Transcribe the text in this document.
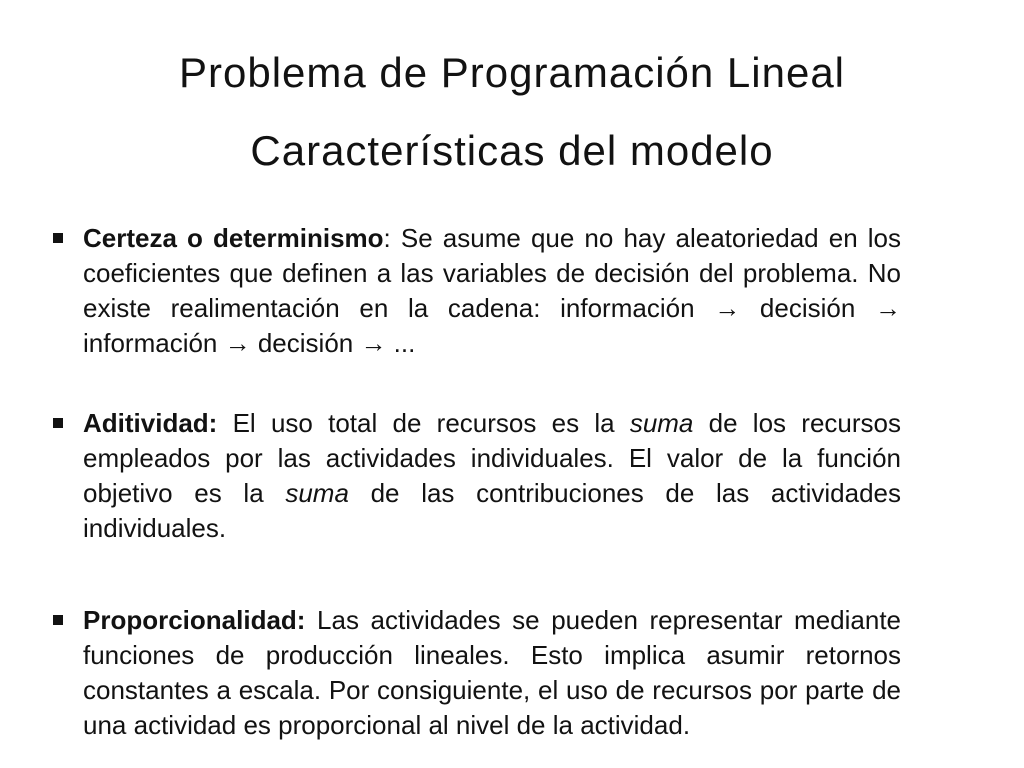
Problema de Programación Lineal
Características del modelo
Certeza o determinismo: Se asume que no hay aleatoriedad en los coeficientes que definen a las variables de decisión del problema. No existe realimentación en la cadena: información → decisión → información → decisión → ...
Aditividad: El uso total de recursos es la suma de los recursos empleados por las actividades individuales. El valor de la función objetivo es la suma de las contribuciones de las actividades individuales.
Proporcionalidad: Las actividades se pueden representar mediante funciones de producción lineales. Esto implica asumir retornos constantes a escala. Por consiguiente, el uso de recursos por parte de una actividad es proporcional al nivel de la actividad.
